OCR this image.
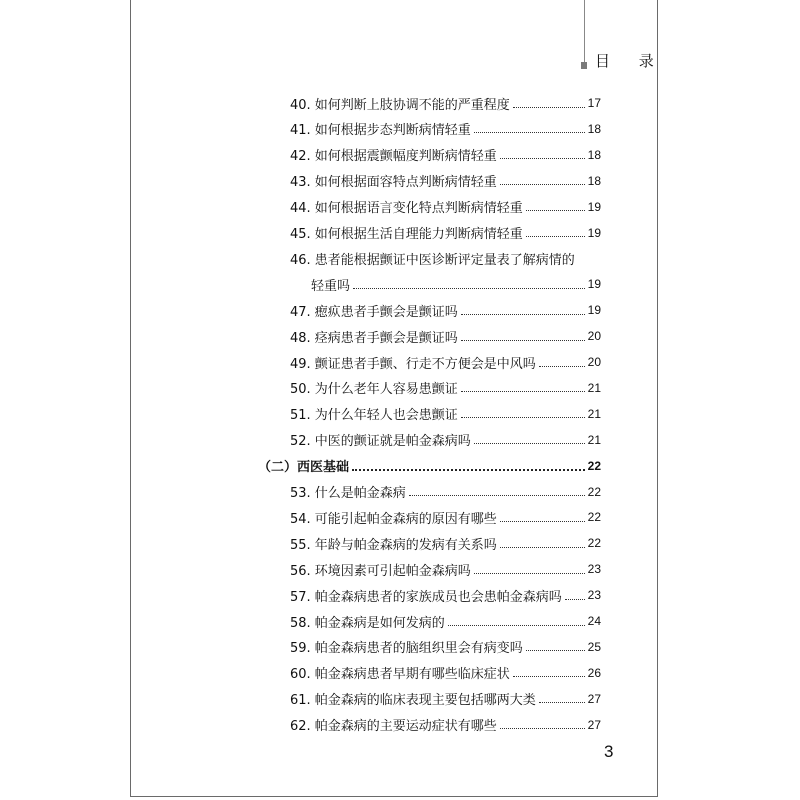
目 录
40. 如何判断上肢协调不能的严重程度	17
41. 如何根据步态判断病情轻重	18
42. 如何根据震颤幅度判断病情轻重	18
43. 如何根据面容特点判断病情轻重	18
44. 如何根据语言变化特点判断病情轻重	19
45. 如何根据生活自理能力判断病情轻重	19
46. 患者能根据颤证中医诊断评定量表了解病情的
轻重吗	19
47. 瘛疭患者手颤会是颤证吗	19
48. 痉病患者手颤会是颤证吗	20
49. 颤证患者手颤、行走不方便会是中风吗	20
50. 为什么老年人容易患颤证	21
51. 为什么年轻人也会患颤证	21
52. 中医的颤证就是帕金森病吗	21
（二）西医基础	22
53. 什么是帕金森病	22
54. 可能引起帕金森病的原因有哪些	22
55. 年龄与帕金森病的发病有关系吗	22
56. 环境因素可引起帕金森病吗	23
57. 帕金森病患者的家族成员也会患帕金森病吗 23
58. 帕金森病是如何发病的	24
59. 帕金森病患者的脑组织里会有病变吗	25
60. 帕金森病患者早期有哪些临床症状	26
61. 帕金森病的临床表现主要包括哪两大类	27
62. 帕金森病的主要运动症状有哪些	27
3
